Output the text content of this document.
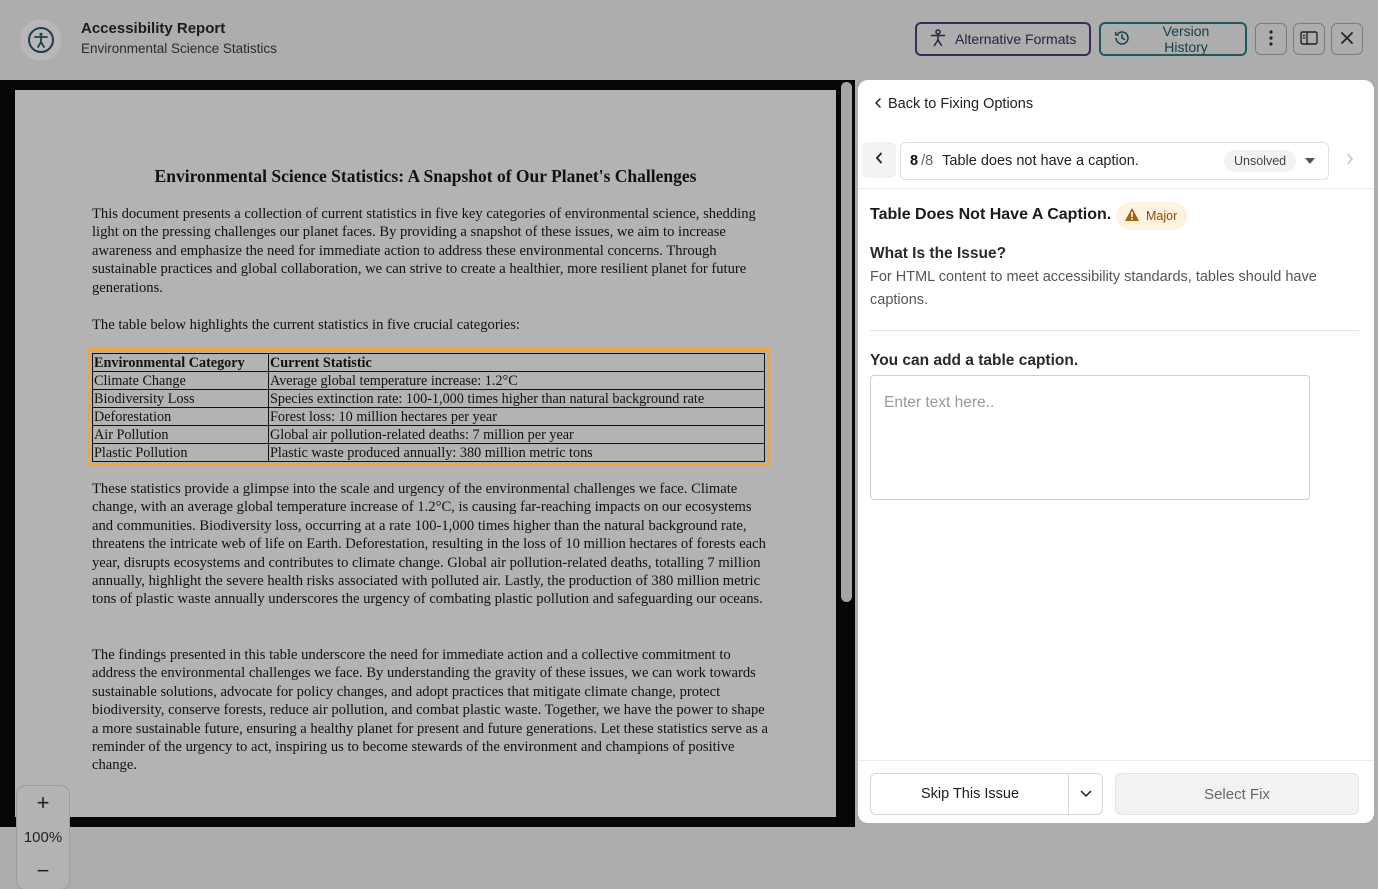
Accessibility Report
Environmental Science Statistics
Alternative Formats	Version History
Environmental Science Statistics: A Snapshot of Our Planet's Challenges
This document presents a collection of current statistics in five key categories of environmental science, shedding light on the pressing challenges our planet faces. By providing a snapshot of these issues, we aim to increase awareness and emphasize the need for immediate action to address these environmental concerns. Through sustainable practices and global collaboration, we can strive to create a healthier, more resilient planet for future generations.
The table below highlights the current statistics in five crucial categories:
Environmental Category	Current Statistic
Climate Change	Average global temperature increase: 1.2°C
Biodiversity Loss	Species extinction rate: 100-1,000 times higher than natural background rate
Deforestation	Forest loss: 10 million hectares per year
Air Pollution	Global air pollution-related deaths: 7 million per year
Plastic Pollution	Plastic waste produced annually: 380 million metric tons
These statistics provide a glimpse into the scale and urgency of the environmental challenges we face. Climate change, with an average global temperature increase of 1.2°C, is causing far-reaching impacts on our ecosystems and communities. Biodiversity loss, occurring at a rate 100-1,000 times higher than the natural background rate, threatens the intricate web of life on Earth. Deforestation, resulting in the loss of 10 million hectares of forests each year, disrupts ecosystems and contributes to climate change. Global air pollution-related deaths, totalling 7 million annually, highlight the severe health risks associated with polluted air. Lastly, the production of 380 million metric tons of plastic waste annually underscores the urgency of combating plastic pollution and safeguarding our oceans.
The findings presented in this table underscore the need for immediate action and a collective commitment to address the environmental challenges we face. By understanding the gravity of these issues, we can work towards sustainable solutions, advocate for policy changes, and adopt practices that mitigate climate change, protect biodiversity, conserve forests, reduce air pollution, and combat plastic waste. Together, we have the power to shape a more sustainable future, ensuring a healthy planet for present and future generations. Let these statistics serve as a reminder of the urgency to act, inspiring us to become stewards of the environment and champions of positive change.
+
100%
−
Back to Fixing Options
8 /8 Table does not have a caption.	Unsolved
Table Does Not Have A Caption.	Major
What Is the Issue?
For HTML content to meet accessibility standards, tables should have captions.
You can add a table caption.
Enter text here..
Skip This Issue	Select Fix
